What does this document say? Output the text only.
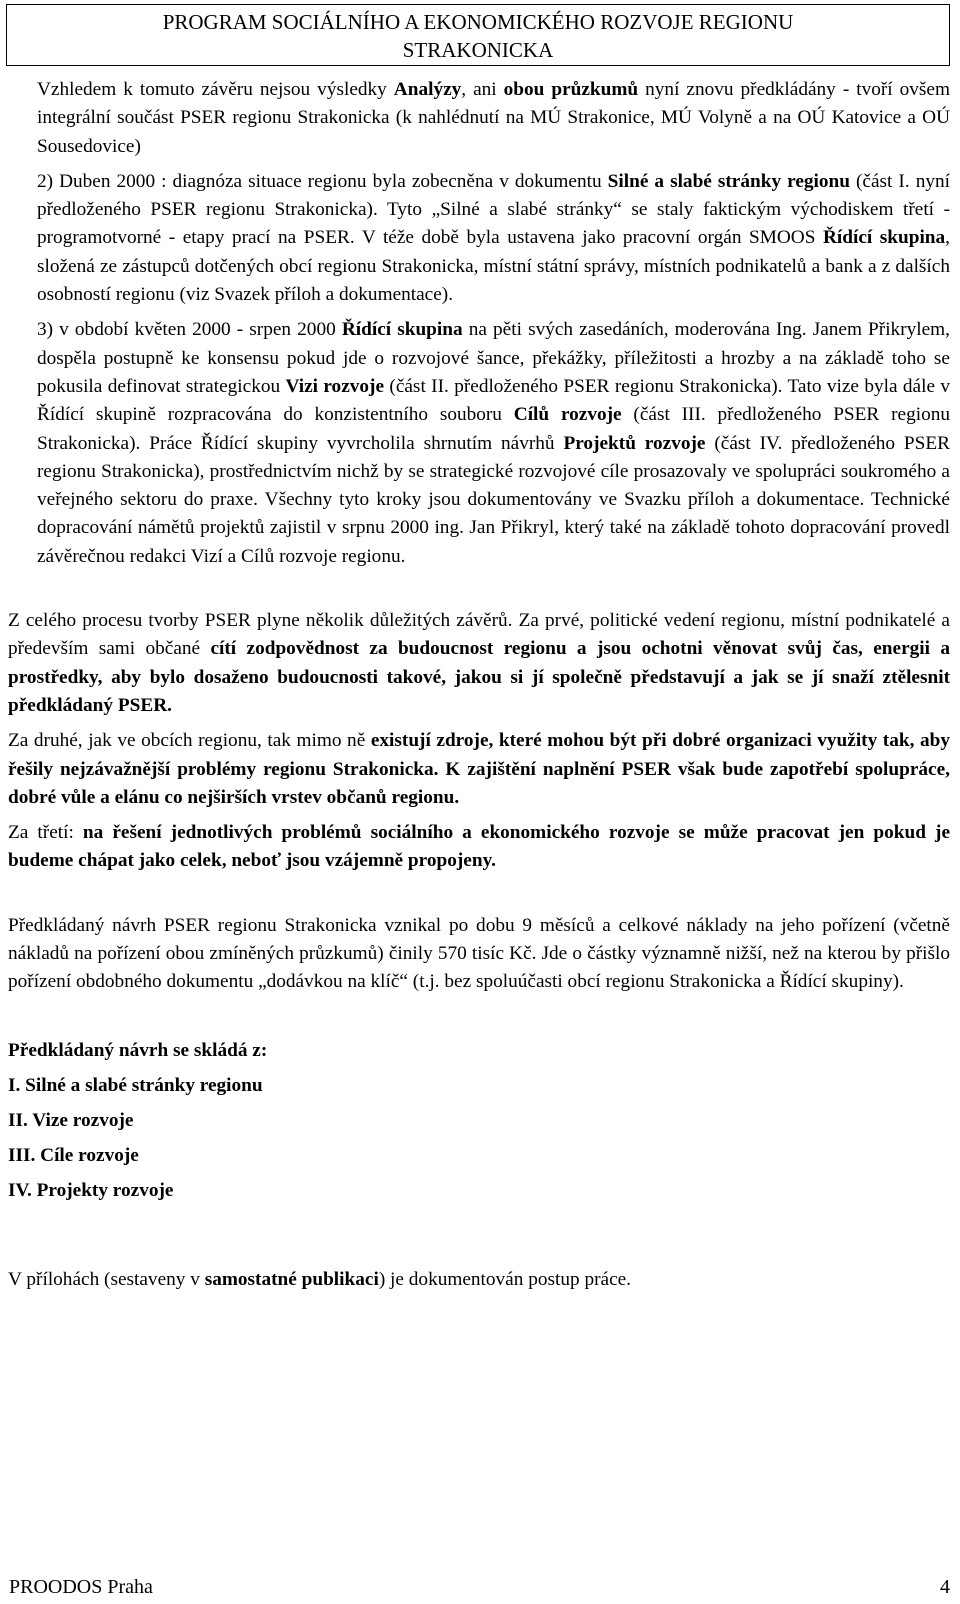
PROGRAM SOCIÁLNÍHO A EKONOMICKÉHO ROZVOJE REGIONU
STRAKONICKA

Vzhledem k tomuto závěru nejsou výsledky Analýzy, ani obou průzkumů nyní znovu předkládány - tvoří ovšem integrální součást PSER regionu Strakonicka (k nahlédnutí na MÚ Strakonice, MÚ Volyně a na OÚ Katovice a OÚ Sousedovice)

2) Duben 2000 : diagnóza situace regionu byla zobecněna v dokumentu Silné a slabé stránky regionu (část I. nyní předloženého PSER regionu Strakonicka). Tyto „Silné a slabé stránky“ se staly faktickým východiskem třetí - programotvorné - etapy prací na PSER. V téže době byla ustavena jako pracovní orgán SMOOS Řídící skupina, složená ze zástupců dotčených obcí regionu Strakonicka, místní státní správy, místních podnikatelů a bank a z dalších osobností regionu (viz Svazek příloh a dokumentace).

3) v období květen 2000 - srpen 2000 Řídící skupina na pěti svých zasedáních, moderována Ing. Janem Přikrylem, dospěla postupně ke konsensu pokud jde o rozvojové šance, překážky, příležitosti a hrozby a na základě toho se pokusila definovat strategickou Vizi rozvoje (část II. předloženého PSER regionu Strakonicka). Tato vize byla dále v Řídící skupině rozpracována do konzistentního souboru Cílů rozvoje (část III. předloženého PSER regionu Strakonicka). Práce Řídící skupiny vyvrcholila shrnutím návrhů Projektů rozvoje (část IV. předloženého PSER regionu Strakonicka), prostřednictvím nichž by se strategické rozvojové cíle prosazovaly ve spolupráci soukromého a veřejného sektoru do praxe. Všechny tyto kroky jsou dokumentovány ve Svazku příloh a dokumentace. Technické dopracování námětů projektů zajistil v srpnu 2000 ing. Jan Přikryl, který také na základě tohoto dopracování provedl závěrečnou redakci Vizí a Cílů rozvoje regionu.

Z celého procesu tvorby PSER plyne několik důležitých závěrů. Za prvé, politické vedení regionu, místní podnikatelé a především sami občané cítí zodpovědnost za budoucnost regionu a jsou ochotni věnovat svůj čas, energii a prostředky, aby bylo dosaženo budoucnosti takové, jakou si jí společně představují a jak se jí snaží ztělesnit předkládaný PSER.

Za druhé, jak ve obcích regionu, tak mimo ně existují zdroje, které mohou být při dobré organizaci využity tak, aby řešily nejzávažnější problémy regionu Strakonicka. K zajištění naplnění PSER však bude zapotřebí spolupráce, dobré vůle a elánu co nejširších vrstev občanů regionu.

Za třetí: na řešení jednotlivých problémů sociálního a ekonomického rozvoje se může pracovat jen pokud je budeme chápat jako celek, neboť jsou vzájemně propojeny.

Předkládaný návrh PSER regionu Strakonicka vznikal po dobu 9 měsíců a celkové náklady na jeho pořízení (včetně nákladů na pořízení obou zmíněných průzkumů) činily 570 tisíc Kč. Jde o částky významně nižší, než na kterou by přišlo pořízení obdobného dokumentu „dodávkou na klíč“ (t.j. bez spoluúčasti obcí regionu Strakonicka a Řídící skupiny).

Předkládaný návrh se skládá z:

I. Silné a slabé stránky regionu

II. Vize rozvoje

III. Cíle rozvoje

IV. Projekty rozvoje

V přílohách (sestaveny v samostatné publikaci) je dokumentován postup práce.

PROODOS Praha	4
